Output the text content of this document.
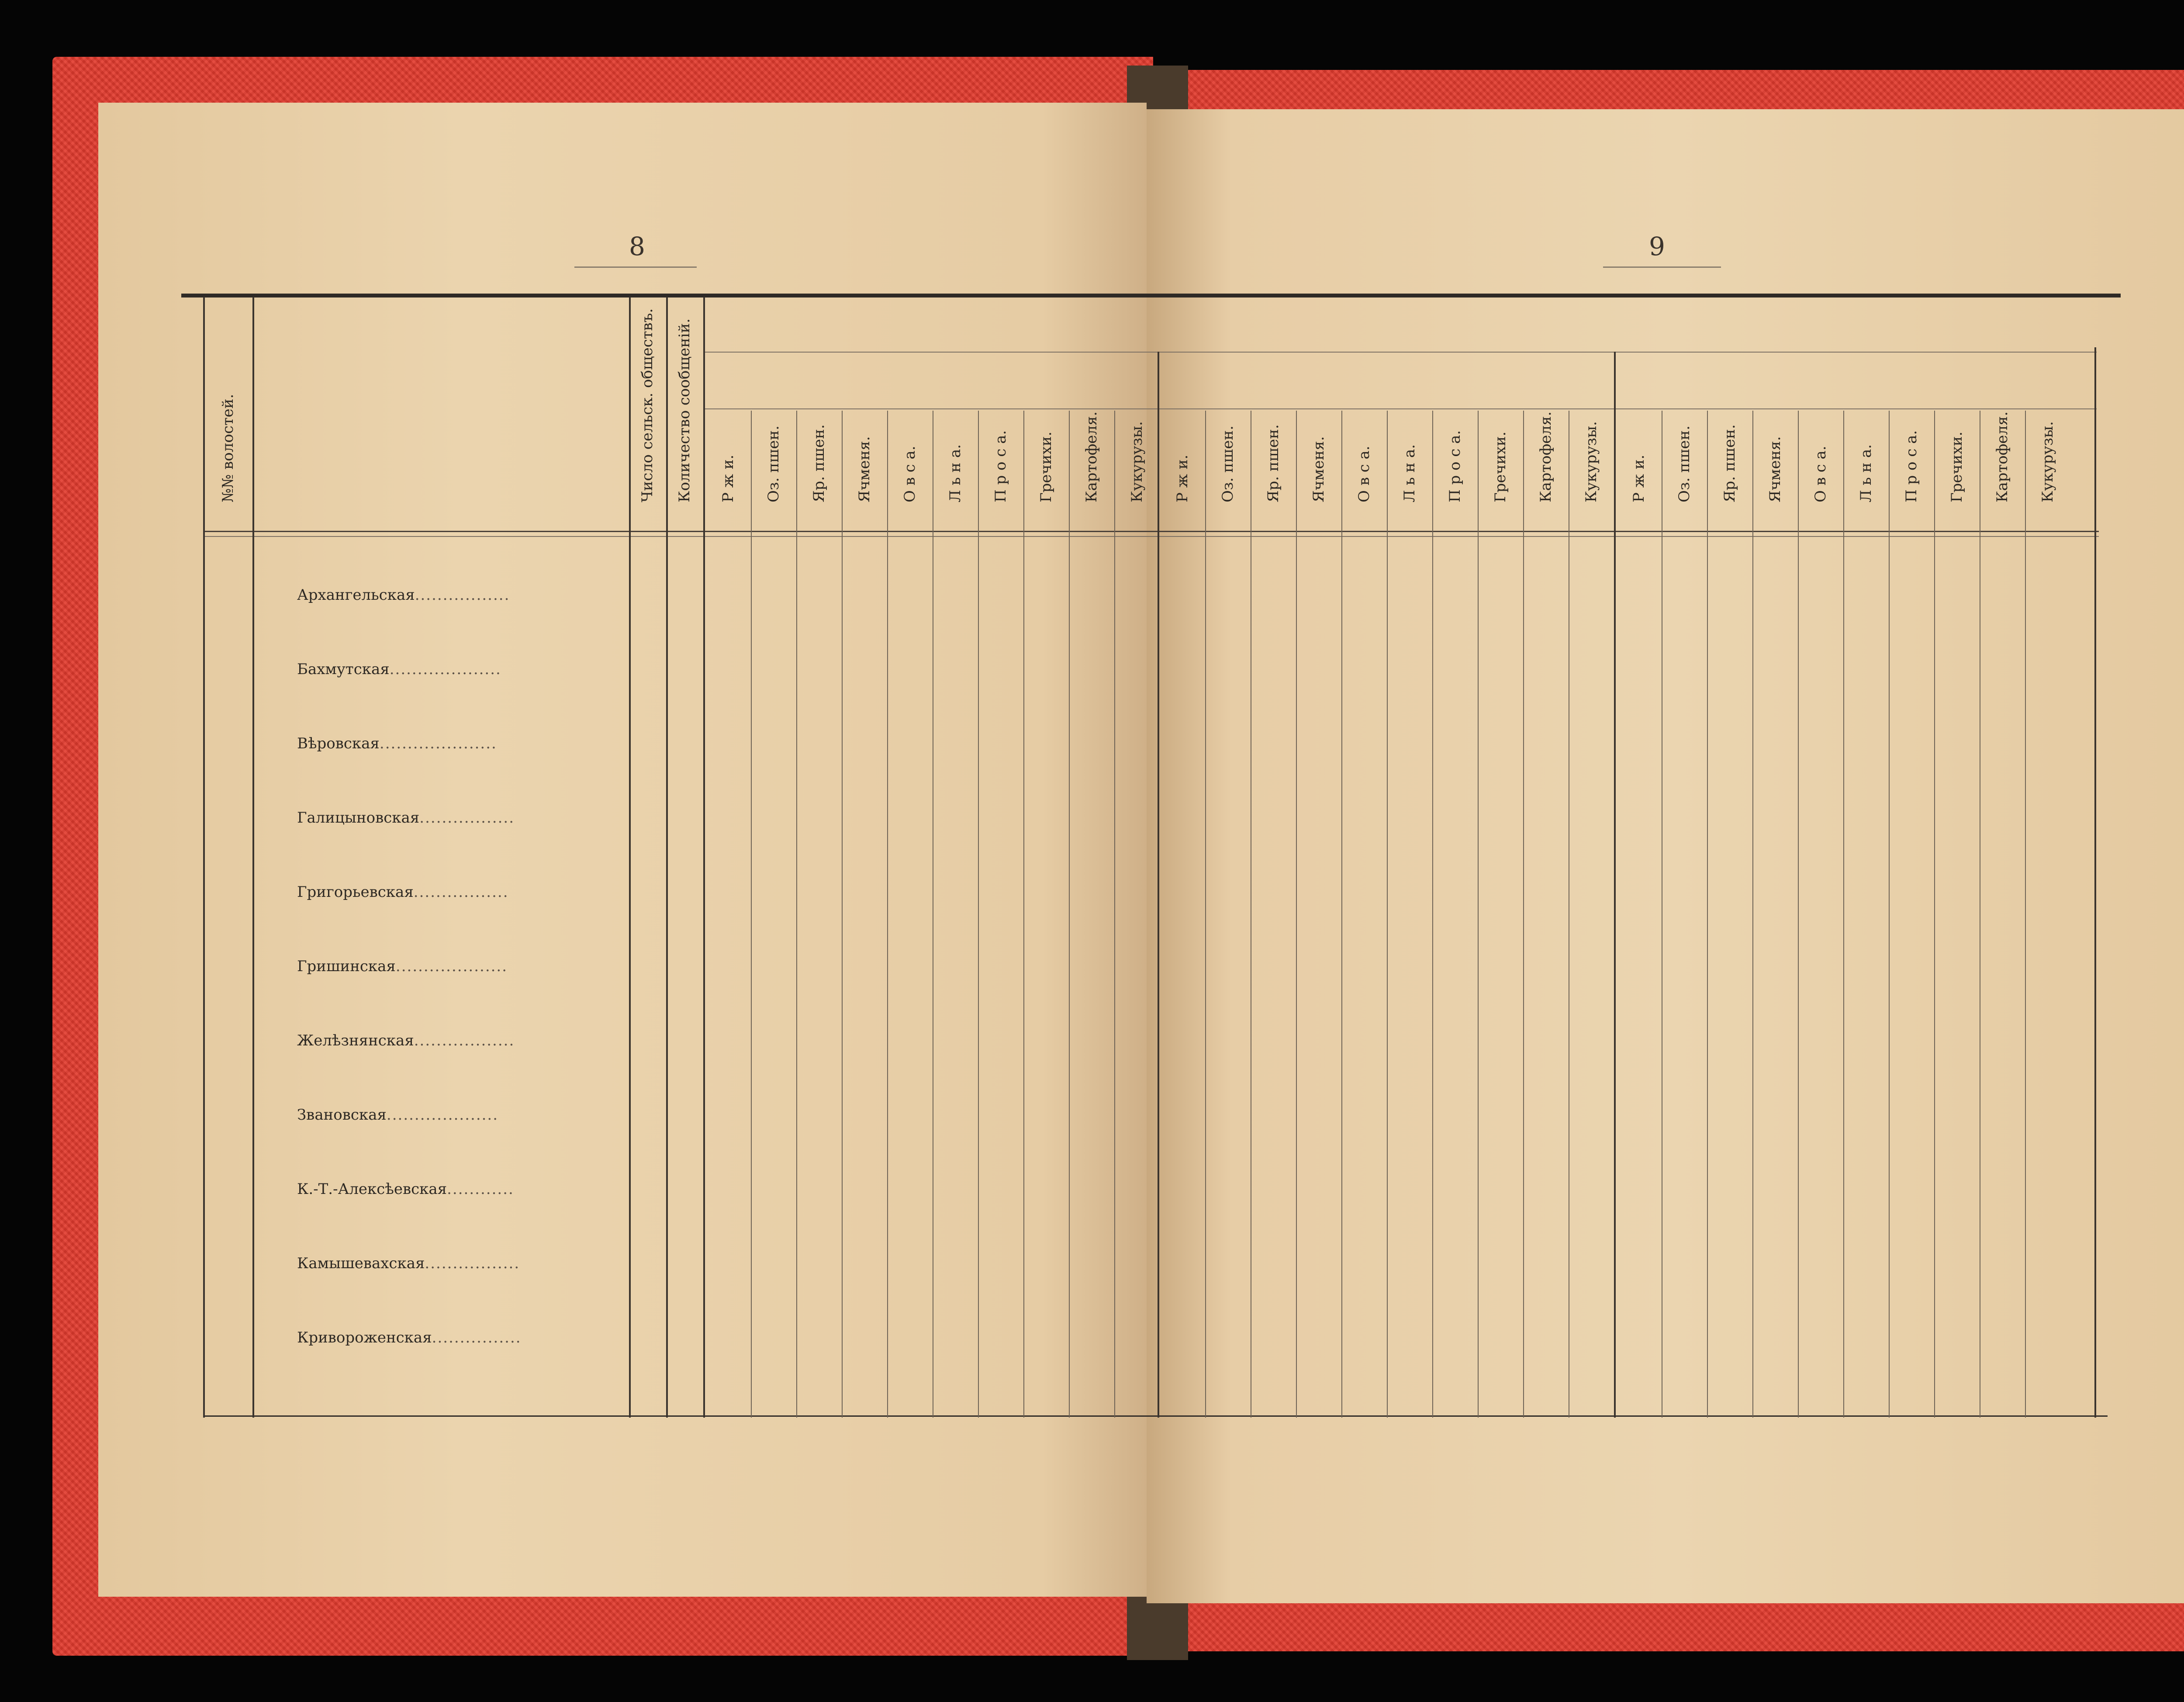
8	9
№№ волостей.	Число сельск. обществъ. Количество сообщеній. Р ж и. Оз. пшен. Яр. пшен. Ячменя. О в с а. Л ь н а. П р о с а. Гречихи. Картофеля. Кукурузы. Р ж и. Оз. пшен. Яр. пшен. Ячменя. О в с а. Л ь н а. П р о с а. Гречихи. Картофеля. Кукурузы. Р ж и. Оз. пшен. Яр. пшен. Ячменя. О в с а. Л ь н а. П р о с а. Гречихи. Картофеля. Кукурузы.
Архангельская.................
Бахмутская....................
Вѣровская.....................
Галицыновская.................
Григорьевская.................
Гришинская....................
Желѣзнянская..................
Звановская....................
К.-Т.-Алексѣевская............
Камышевахская.................
Кривороженская................
